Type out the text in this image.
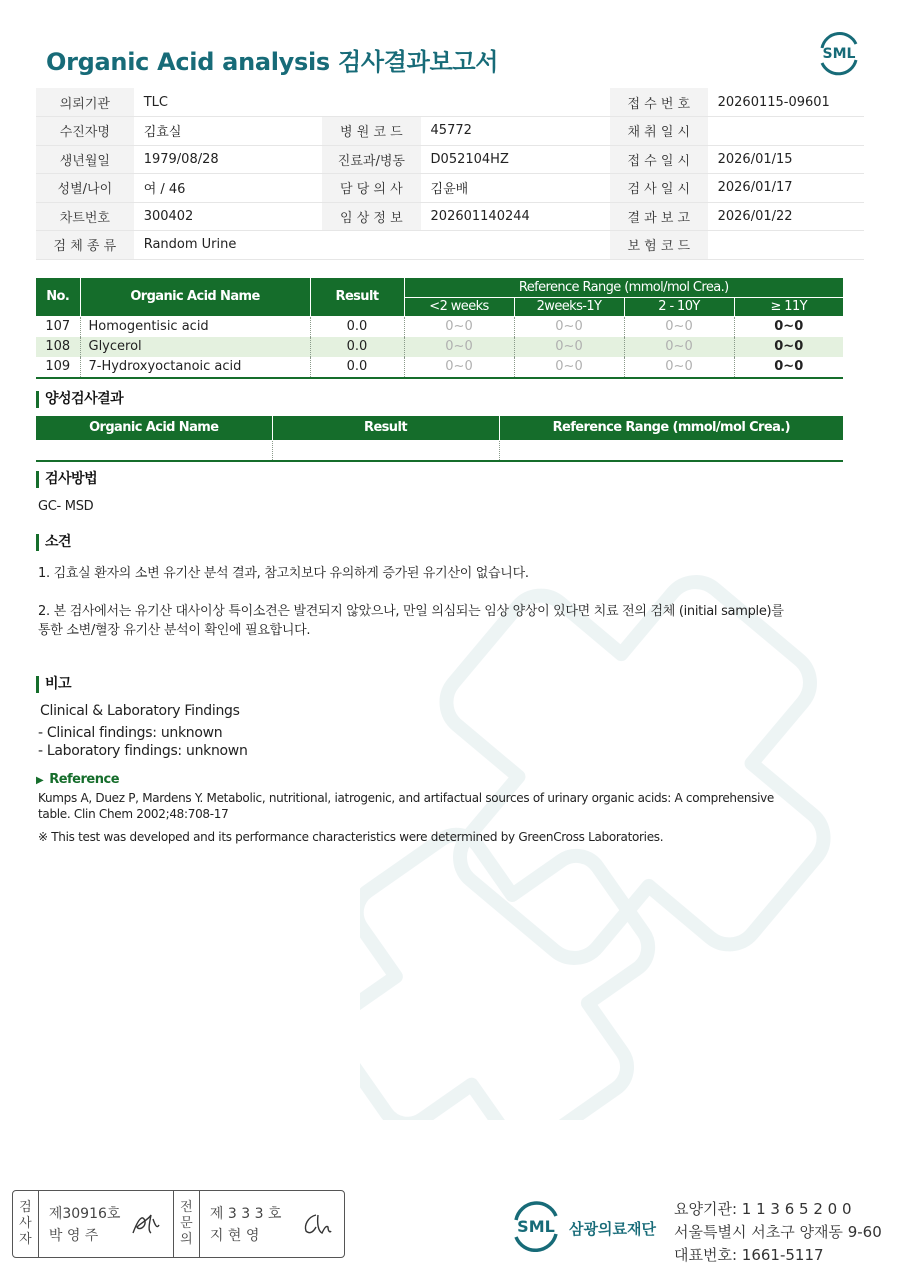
Organic Acid analysis 검사결과보고서	SML
의뢰기관	TLC			접 수 번 호	20260115-09601
수진자명	김효실	병 원 코 드	45772	채 취 일 시	
생년월일	1979/08/28	진료과/병동	D052104HZ	접 수 일 시	2026/01/15
성별/나이	여 / 46	담 당 의 사	김윤배	검 사 일 시	2026/01/17
차트번호	300402	임 상 정 보	202601140244	결 과 보 고	2026/01/22
검 체 종 류	Random Urine			보 험 코 드	
No.	Organic Acid Name	Result	Reference Range (mmol/mol Crea.)			
			<2 weeks	2weeks-1Y	2 - 10Y	≥ 11Y
107	Homogentisic acid	0.0	0~0	0~0	0~0	0~0
108	Glycerol	0.0	0~0	0~0	0~0	0~0
109	7-Hydroxyoctanoic acid	0.0	0~0	0~0	0~0	0~0
양성검사결과
Organic Acid Name	Result	Reference Range (mmol/mol Crea.)

검사방법
GC- MSD
소견
1. 김효실 환자의 소변 유기산 분석 결과, 참고치보다 유의하게 증가된 유기산이 없습니다.
2. 본 검사에서는 유기산 대사이상 특이소견은 발견되지 않았으나, 만일 의심되는 임상 양상이 있다면 치료 전의 검체 (initial sample)를
통한 소변/혈장 유기산 분석이 확인에 필요합니다.
비고
Clinical & Laboratory Findings
- Clinical findings: unknown
- Laboratory findings: unknown
▶ Reference
Kumps A, Duez P, Mardens Y. Metabolic, nutritional, iatrogenic, and artifactual sources of urinary organic acids: A comprehensive
table. Clin Chem 2002;48:708-17
※ This test was developed and its performance characteristics were determined by GreenCross Laboratories.
검
사
자
제30916호
박 영 주
전
문
의
제 3 3 3 호
지 현 영	SML 삼광의료재단
요양기관: 1 1 3 6 5 2 0 0
서울특별시 서초구 양재동 9-60
대표번호: 1661-5117
